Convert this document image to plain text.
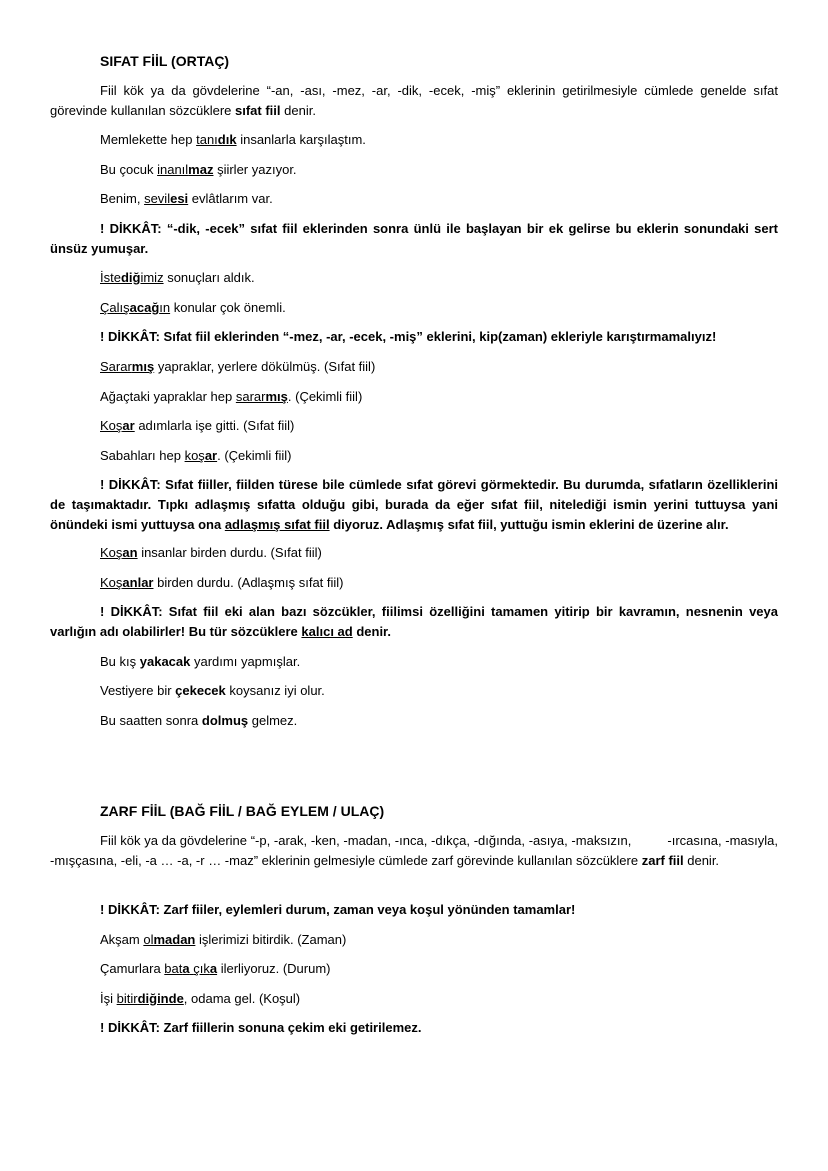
SIFAT FİİL (ORTAÇ)
Fiil kök ya da gövdelerine “-an, -ası, -mez, -ar, -dik, -ecek, -miş” eklerinin getirilmesiyle cümlede genelde sıfat görevinde kullanılan sözcüklere sıfat fiil denir.
Memlekette hep tanıdık insanlarla karşılaştım.
Bu çocuk inanılmaz şiirler yazıyor.
Benim, sevilesi evlâtlarım var.
! DİKKÂT: “-dik, -ecek” sıfat fiil eklerinden sonra ünlü ile başlayan bir ek gelirse bu eklerin sonundaki sert ünsüz yumuşar.
İstediğimiz sonuçları aldık.
Çalışacağın konular çok önemli.
! DİKKÂT: Sıfat fiil eklerinden “-mez, -ar, -ecek, -miş” eklerini, kip(zaman) ekleriyle karıştırmamalıyız!
Sararmış yapraklar, yerlere dökülmüş. (Sıfat fiil)
Ağaçtaki yapraklar hep sararmış. (Çekimli fiil)
Koşar adımlarla işe gitti. (Sıfat fiil)
Sabahları hep koşar. (Çekimli fiil)
! DİKKÂT: Sıfat fiiller, fiilden türese bile cümlede sıfat görevi görmektedir. Bu durumda, sıfatların özelliklerini de taşımaktadır. Tıpkı adlaşmış sıfatta olduğu gibi, burada da eğer sıfat fiil, nitelediği ismin yerini tuttuysa yani önündeki ismi yuttuysa ona adlaşmış sıfat fiil diyoruz. Adlaşmış sıfat fiil, yuttuğu ismin eklerini de üzerine alır.
Koşan insanlar birden durdu. (Sıfat fiil)
Koşanlar birden durdu. (Adlaşmış sıfat fiil)
! DİKKÂT: Sıfat fiil eki alan bazı sözcükler, fiilimsi özelliğini tamamen yitirip bir kavramın, nesnenin veya varlığın adı olabilirler! Bu tür sözcüklere kalıcı ad denir.
Bu kış yakacak yardımı yapmışlar.
Vestiyere bir çekecek koysanız iyi olur.
Bu saatten sonra dolmuş gelmez.
ZARF FİİL (BAĞ FİİL / BAĞ EYLEM / ULAÇ)
Fiil kök ya da gövdelerine “-p, -arak, -ken, -madan, -ınca, -dıkça, -dığında, -asıya, -maksızın,	-ırcasına, -masıyla, -mışçasına, -eli, -a … -a, -r … -maz” eklerinin gelmesiyle cümlede zarf görevinde kullanılan sözcüklere zarf fiil denir.
! DİKKÂT: Zarf fiiler, eylemleri durum, zaman veya koşul yönünden tamamlar!
Akşam olmadan işlerimizi bitirdik. (Zaman)
Çamurlara bata çıka ilerliyoruz. (Durum)
İşi bitirdiğinde, odama gel. (Koşul)
! DİKKÂT: Zarf fiillerin sonuna çekim eki getirilemez.
